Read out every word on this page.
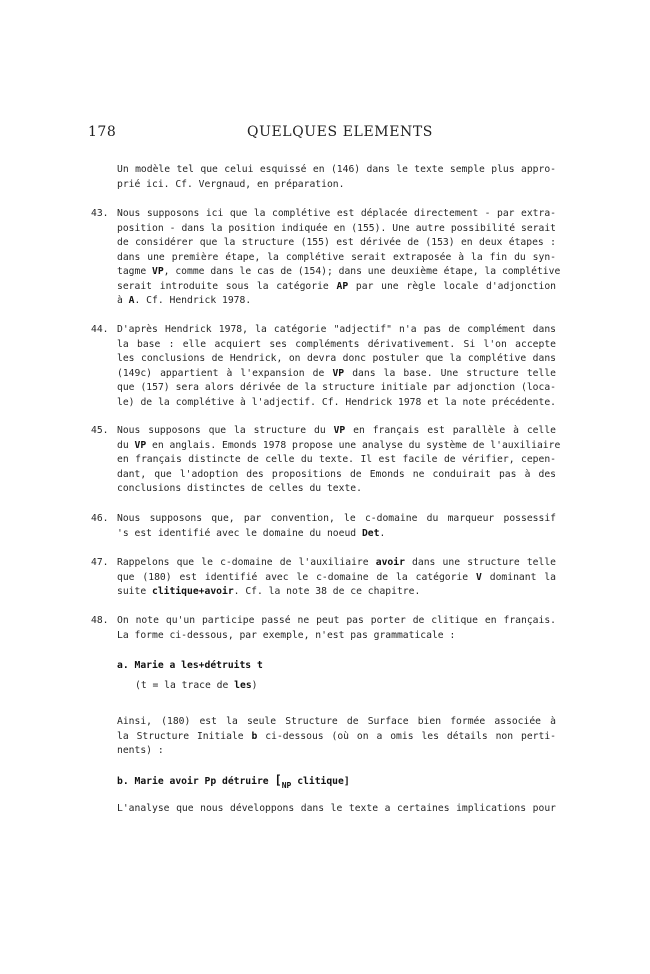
178	QUELQUES ELEMENTS
Un modèle tel que celui esquissé en (146) dans le texte semple plus appro-
prié ici. Cf. Vergnaud, en préparation.
43. Nous supposons ici que la complétive est déplacée directement - par extra-
position - dans la position indiquée en (155). Une autre possibilité serait
de considérer que la structure (155) est dérivée de (153) en deux étapes :
dans une première étape, la complétive serait extraposée à la fin du syn-
tagme VP, comme dans le cas de (154); dans une deuxième étape, la complétive
serait introduite sous la catégorie AP par une règle locale d'adjonction
à A. Cf. Hendrick 1978.
44. D'après Hendrick 1978, la catégorie "adjectif" n'a pas de complément dans
la base : elle acquiert ses compléments dérivativement. Si l'on accepte
les conclusions de Hendrick, on devra donc postuler que la complétive dans
(149c) appartient à l'expansion de VP dans la base. Une structure telle
que (157) sera alors dérivée de la structure initiale par adjonction (loca-
le) de la complétive à l'adjectif. Cf. Hendrick 1978 et la note précédente.
45. Nous supposons que la structure du VP en français est parallèle à celle
du VP en anglais. Emonds 1978 propose une analyse du système de l'auxiliaire
en français distincte de celle du texte. Il est facile de vérifier, cepen-
dant, que l'adoption des propositions de Emonds ne conduirait pas à des
conclusions distinctes de celles du texte.
46. Nous supposons que, par convention, le c-domaine du marqueur possessif
's est identifié avec le domaine du noeud Det.
47. Rappelons que le c-domaine de l'auxiliaire avoir dans une structure telle
que (180) est identifié avec le c-domaine de la catégorie V dominant la
suite clitique+avoir. Cf. la note 38 de ce chapitre.
48. On note qu'un participe passé ne peut pas porter de clitique en français.
La forme ci-dessous, par exemple, n'est pas grammaticale :
a. Marie a les+détruits t
(t = la trace de les)
Ainsi, (180) est la seule Structure de Surface bien formée associée à
la Structure Initiale b ci-dessous (où on a omis les détails non perti-
nents) :
b. Marie avoir Pp détruire [$_{NP}$ clitique]
L'analyse que nous développons dans le texte a certaines implications pour
